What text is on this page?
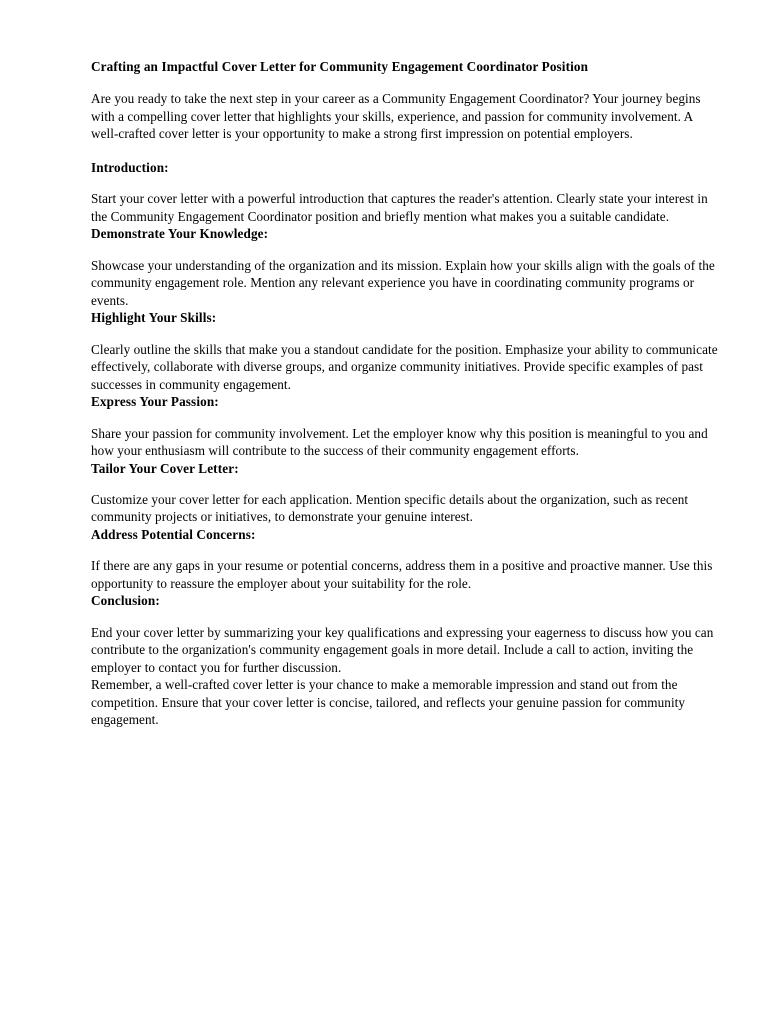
Crafting an Impactful Cover Letter for Community Engagement Coordinator Position

Are you ready to take the next step in your career as a Community Engagement Coordinator? Your journey begins with a compelling cover letter that highlights your skills, experience, and passion for community involvement. A well-crafted cover letter is your opportunity to make a strong first impression on potential employers.

Introduction:

Start your cover letter with a powerful introduction that captures the reader's attention. Clearly state your interest in the Community Engagement Coordinator position and briefly mention what makes you a suitable candidate.

Demonstrate Your Knowledge:

Showcase your understanding of the organization and its mission. Explain how your skills align with the goals of the community engagement role. Mention any relevant experience you have in coordinating community programs or events.

Highlight Your Skills:

Clearly outline the skills that make you a standout candidate for the position. Emphasize your ability to communicate effectively, collaborate with diverse groups, and organize community initiatives. Provide specific examples of past successes in community engagement.

Express Your Passion:

Share your passion for community involvement. Let the employer know why this position is meaningful to you and how your enthusiasm will contribute to the success of their community engagement efforts.

Tailor Your Cover Letter:

Customize your cover letter for each application. Mention specific details about the organization, such as recent community projects or initiatives, to demonstrate your genuine interest.

Address Potential Concerns:

If there are any gaps in your resume or potential concerns, address them in a positive and proactive manner. Use this opportunity to reassure the employer about your suitability for the role.

Conclusion:

End your cover letter by summarizing your key qualifications and expressing your eagerness to discuss how you can contribute to the organization's community engagement goals in more detail. Include a call to action, inviting the employer to contact you for further discussion.

Remember, a well-crafted cover letter is your chance to make a memorable impression and stand out from the competition. Ensure that your cover letter is concise, tailored, and reflects your genuine passion for community engagement.
